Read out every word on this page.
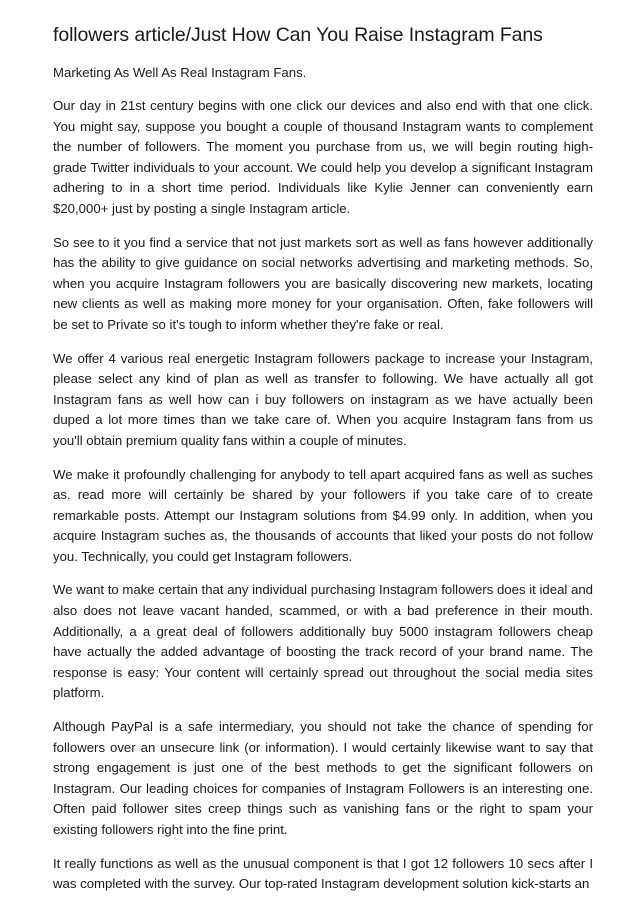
followers article/Just How Can You Raise Instagram Fans

Marketing As Well As Real Instagram Fans.

Our day in 21st century begins with one click our devices and also end with that one click. You might say, suppose you bought a couple of thousand Instagram wants to complement the number of followers. The moment you purchase from us, we will begin routing high-grade Twitter individuals to your account. We could help you develop a significant Instagram adhering to in a short time period. Individuals like Kylie Jenner can conveniently earn $20,000+ just by posting a single Instagram article.

So see to it you find a service that not just markets sort as well as fans however additionally has the ability to give guidance on social networks advertising and marketing methods. So, when you acquire Instagram followers you are basically discovering new markets, locating new clients as well as making more money for your organisation. Often, fake followers will be set to Private so it's tough to inform whether they're fake or real.

We offer 4 various real energetic Instagram followers package to increase your Instagram, please select any kind of plan as well as transfer to following. We have actually all got Instagram fans as well how can i buy followers on instagram as we have actually been duped a lot more times than we take care of. When you acquire Instagram fans from us you'll obtain premium quality fans within a couple of minutes.

We make it profoundly challenging for anybody to tell apart acquired fans as well as suches as. read more will certainly be shared by your followers if you take care of to create remarkable posts. Attempt our Instagram solutions from $4.99 only. In addition, when you acquire Instagram suches as, the thousands of accounts that liked your posts do not follow you. Technically, you could get Instagram followers.

We want to make certain that any individual purchasing Instagram followers does it ideal and also does not leave vacant handed, scammed, or with a bad preference in their mouth. Additionally, a a great deal of followers additionally buy 5000 instagram followers cheap have actually the added advantage of boosting the track record of your brand name. The response is easy: Your content will certainly spread out throughout the social media sites platform.

Although PayPal is a safe intermediary, you should not take the chance of spending for followers over an unsecure link (or information). I would certainly likewise want to say that strong engagement is just one of the best methods to get the significant followers on Instagram. Our leading choices for companies of Instagram Followers is an interesting one. Often paid follower sites creep things such as vanishing fans or the right to spam your existing followers right into the fine print.

It really functions as well as the unusual component is that I got 12 followers 10 secs after I was completed with the survey. Our top-rated Instagram development solution kick-starts an
